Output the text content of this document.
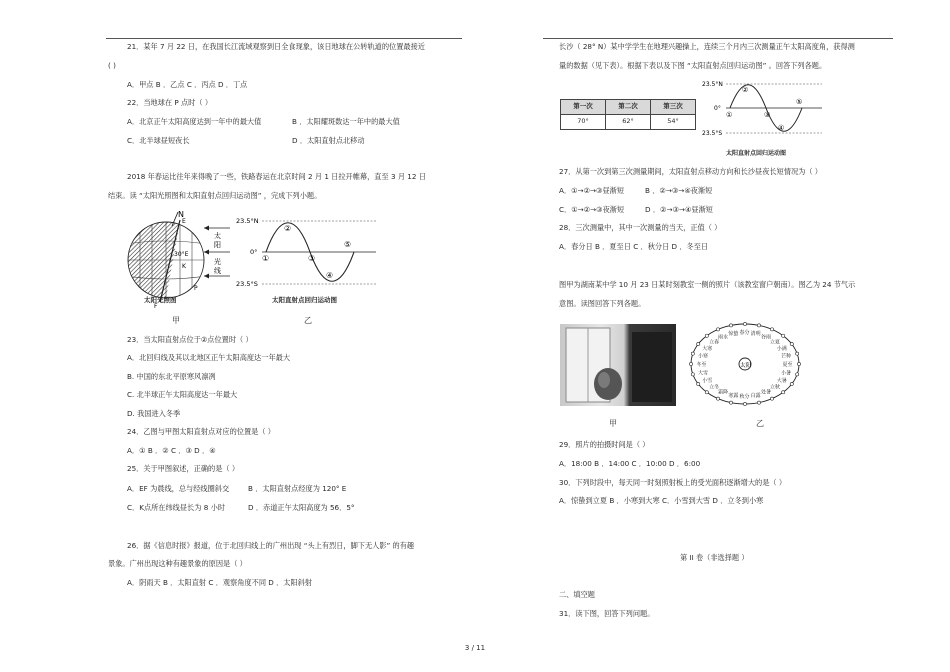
21．某年 7 月 22 日，在我国长江流域观察到日全食现象，该日地球在公转轨道的位置最接近
( )
A．甲点 B ．乙点 C ．丙点 D ．丁点
22．当地球在 P 点时（ ）
A．北京正午太阳高度达到一年中的最大值	B ．太阳耀斑数达一年中的最大值
C．北半球昼短夜长	D ．太阳直射点北移动
2018 年春运比往年来得晚了一些，铁路春运在北京时间 2 月 1 日拉开帷幕，直至 3 月 12 日
结束。读 “太阳光照图和太阳直射点回归运动图” ，完成下列小题。
N
E
F
K
P
30°E
太
阳
光
线
太阳光照图
甲
23.5°N
0°
23.5°S
①
②
③
④
⑤
太阳直射点回归运动图
乙
23．当太阳直射点位于②点位置时（ ）
A．北回归线及其以北地区正午太阳高度达一年最大
B. 中国的东北平原寒风凛冽
C. 北半球正午太阳高度达一年最大
D. 我国进入冬季
24．乙图与甲图太阳直射点对应的位置是（ ）
A．① B ．② C ．③ D ．④
25．关于甲图叙述，正确的是（ ）
A．EF 为晨线，总与经线圈斜交	B ．太阳直射点经度为 120° E
C．K点所在纬线昼长为 8 小时	D ．赤道正午太阳高度为 56．5°
26．据《信息时报》报道，位于北回归线上的广州出现 “头上有烈日，脚下无人影” 的有趣
景象。广州出现这种有趣景象的原因是（ ）
A．阴雨天 B ．太阳直射 C ．观察角度不同 D ．太阳斜射
长沙（ 28° N）某中学学生在地理兴趣操上，连续三个月内三次测量正午太阳高度角，获得测
量的数据（见下表）。根据下表以及下图 “太阳直射点回归运动图” 。回答下列各题。
第一次	第二次	第三次
70°	62°	54°
23.5°N
0°
23.5°S
①
②
③
④
⑤
太阳直射点回归运动图
27．从第一次到第三次测量期间，太阳直射点移动方向和长沙昼夜长短情况为（ ）
A．①→②→③昼渐短	B ．②→③→④夜渐短
C．①→②→③夜渐短	D ．②→③→④昼渐短
28．三次测量中，其中一次测量的当天，正值（ ）
A．春分日 B ．夏至日 C ．秋分日 D ．冬至日
图甲为湖南某中学 10 月 23 日某时刻教室一侧的照片（该教室窗户朝南）。图乙为 24 节气示
意图。读图回答下列各题。
太阳
春分 清明
谷雨
立夏
小满
芒种
夏至
小暑
大暑
立秋
处暑
白露
秋分
寒露
霜降
立冬
小雪
大雪
冬至
小寒
大寒
立春
雨水
惊蛰
甲	乙
29．照片的拍摄时间是（ ）
A．18:00 B ．14:00 C ．10:00 D ．6:00
30．下列时段中，每天同一时刻照射板上的受光面积逐渐增大的是（ ）
A．惊蛰到立夏 B ．小寒到大寒 C．小雪到大雪 D ．立冬到小寒
第 II 卷（非选择题 ）
二、填空题
31．读下图，回答下列问题。
3 / 11
